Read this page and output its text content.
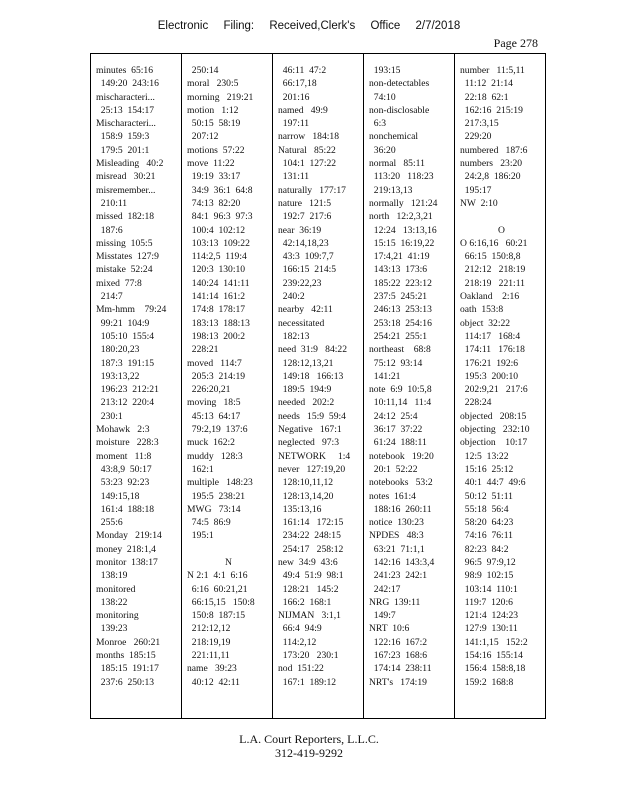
Electronic Filing: Received,Clerk's Office 2/7/2018
Page 278
minutes  65:16
149:20  243:16
mischaracteri...
25:13  154:17
Mischaracteri...
158:9  159:3
179:5  201:1
Misleading   40:2
misread   30:21
misremember...
210:11
missed  182:18
187:6
missing  105:5
Misstates  127:9
mistake  52:24
mixed  77:8
214:7
Mm-hmm    79:24
99:21  104:9
105:10  155:4
180:20,23
187:3  191:15
193:13,22
196:23  212:21
213:12  220:4
230:1
Mohawk   2:3
moisture   228:3
moment   11:8
43:8,9  50:17
53:23  92:23
149:15,18
161:4  188:18
255:6
Monday   219:14
money  218:1,4
monitor  138:17
138:19
monitored
138:22
monitoring
139:23
Monroe   260:21
months  185:15
185:15  191:17
237:6  250:13
250:14
moral   230:5
morning   219:21
motion   1:12
50:15  58:19
207:12
motions  57:22
move  11:22
19:19  33:17
34:9  36:1  64:8
74:13  82:20
84:1  96:3  97:3
100:4  102:12
103:13  109:22
114:2,5  119:4
120:3  130:10
140:24  141:11
141:14  161:2
174:8  178:17
183:13  188:13
198:13  200:2
228:21
moved   114:7
205:3  214:19
226:20,21
moving   18:5
45:13  64:17
79:2,19  137:6
muck  162:2
muddy   128:3
162:1
multiple   148:23
195:5  238:21
MWG   73:14
74:5  86:9
195:1

N
N 2:1  4:1  6:16
6:16  60:21,21
66:15,15   150:8
150:8  187:15
212:12,12
218:19,19
221:11,11
name   39:23
40:12  42:11
46:11  47:2
66:17,18
201:16
named   49:9
197:11
narrow   184:18
Natural   85:22
104:1  127:22
131:11
naturally   177:17
nature   121:5
192:7  217:6
near  36:19
42:14,18,23
43:3  109:7,7
166:15  214:5
239:22,23
240:2
nearby   42:11
necessitated
182:13
need  31:9   84:22
128:12,13,21
149:18   166:13
189:5  194:9
needed   202:2
needs   15:9  59:4
Negative   167:1
neglected   97:3
NETWORK     1:4
never   127:19,20
128:10,11,12
128:13,14,20
135:13,16
161:14   172:15
234:22  248:15
254:17   258:12
new  34:9  43:6
49:4  51:9  98:1
128:21   145:2
166:2  168:1
NIJMAN   3:1,1
66:4  94:9
114:2,12
173:20   230:1
nod  151:22
167:1  189:12
193:15
non-detectables
74:10
non-disclosable
6:3
nonchemical
36:20
normal   85:11
113:20   118:23
219:13,13
normally   121:24
north   12:2,3,21
12:24   13:13,16
15:15  16:19,22
17:4,21  41:19
143:13  173:6
185:22  223:12
237:5  245:21
246:13  253:13
253:18  254:16
254:21  255:1
northeast    68:8
75:12  93:14
141:21
note  6:9  10:5,8
10:11,14   11:4
24:12  25:4
36:17  37:22
61:24  188:11
notebook   19:20
20:1  52:22
notebooks   53:2
notes  161:4
188:16  260:11
notice  130:23
NPDES   48:3
63:21  71:1,1
142:16  143:3,4
241:23  242:1
242:17
NRG  139:11
149:7
NRT  10:6
122:16  167:2
167:23  168:6
174:14  238:11
NRT's   174:19
number   11:5,11
11:12  21:14
22:18  62:1
162:16  215:19
217:3,15
229:20
numbered   187:6
numbers   23:20
24:2,8  186:20
195:17
NW  2:10

O
O 6:16,16   60:21
66:15  150:8,8
212:12   218:19
218:19   221:11
Oakland    2:16
oath  153:8
object  32:22
114:17   168:4
174:11   176:18
176:21  192:6
195:3  200:10
202:9,21   217:6
228:24
objected   208:15
objecting   232:10
objection    10:17
12:5  13:22
15:16  25:12
40:1  44:7  49:6
50:12  51:11
55:18  56:4
58:20  64:23
74:16  76:11
82:23  84:2
96:5  97:9,12
98:9  102:15
103:14  110:1
119:7  120:6
121:4  124:23
127:9  130:11
141:1,15   152:2
154:16  155:14
156:4  158:8,18
159:2  168:8
L.A. Court Reporters, L.L.C.
312-419-9292
